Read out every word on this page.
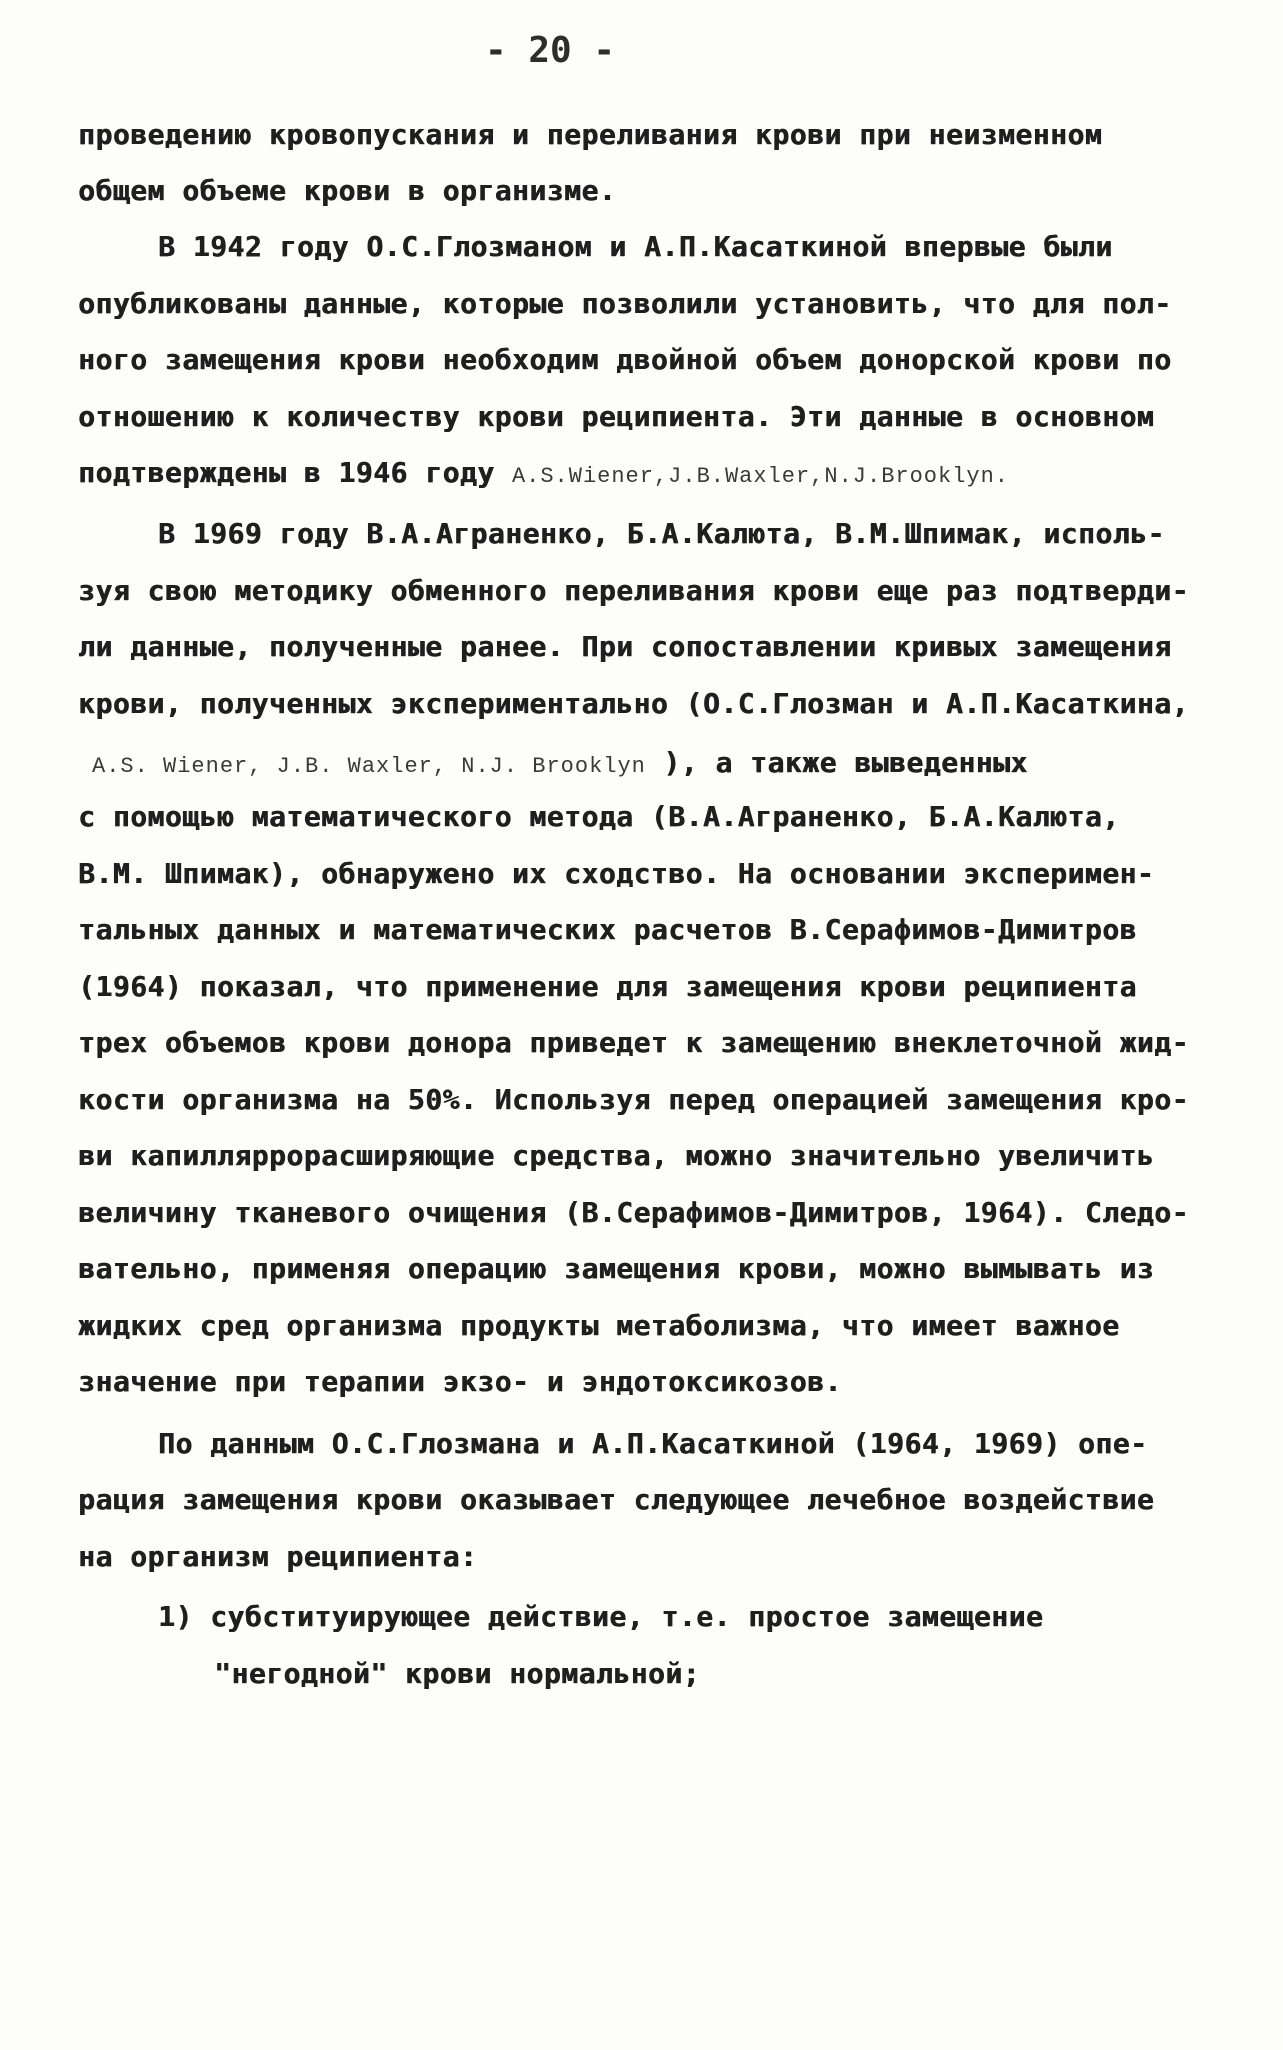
- 20 -
проведению кровопускания и переливания крови при неизменном
общем объеме крови в организме.
В 1942 году О.С.Глозманом и А.П.Касаткиной впервые были
опубликованы данные, которые позволили установить, что для пол-
ного замещения крови необходим двойной объем донорской крови по
отношению к количеству крови реципиента. Эти данные в основном
подтверждены в 1946 году A.S.Wiener,J.B.Waxler,N.J.Brooklyn.
В 1969 году В.А.Аграненко, Б.А.Калюта, В.М.Шпимак, исполь-
зуя свою методику обменного переливания крови еще раз подтверди-
ли данные, полученные ранее. При сопоставлении кривых замещения
крови, полученных экспериментально (О.С.Глозман и А.П.Касаткина,
A.S. Wiener, J.B. Waxler, N.J. Brooklyn ), а также выведенных
с помощью математического метода (В.А.Аграненко, Б.А.Калюта,
В.М. Шпимак), обнаружено их сходство. На основании эксперимен-
тальных данных и математических расчетов В.Серафимов-Димитров
(1964) показал, что применение для замещения крови реципиента
трех объемов крови донора приведет к замещению внеклеточной жид-
кости организма на 50%. Используя перед операцией замещения кро-
ви капилляррорасширяющие средства, можно значительно увеличить
величину тканевого очищения (В.Серафимов-Димитров, 1964). Следо-
вательно, применяя операцию замещения крови, можно вымывать из
жидких сред организма продукты метаболизма, что имеет важное
значение при терапии экзо- и эндотоксикозов.
По данным О.С.Глозмана и А.П.Касаткиной (1964, 1969) опе-
рация замещения крови оказывает следующее лечебное воздействие
на организм реципиента:
1) субституирующее действие, т.е. простое замещение
"негодной" крови нормальной;
